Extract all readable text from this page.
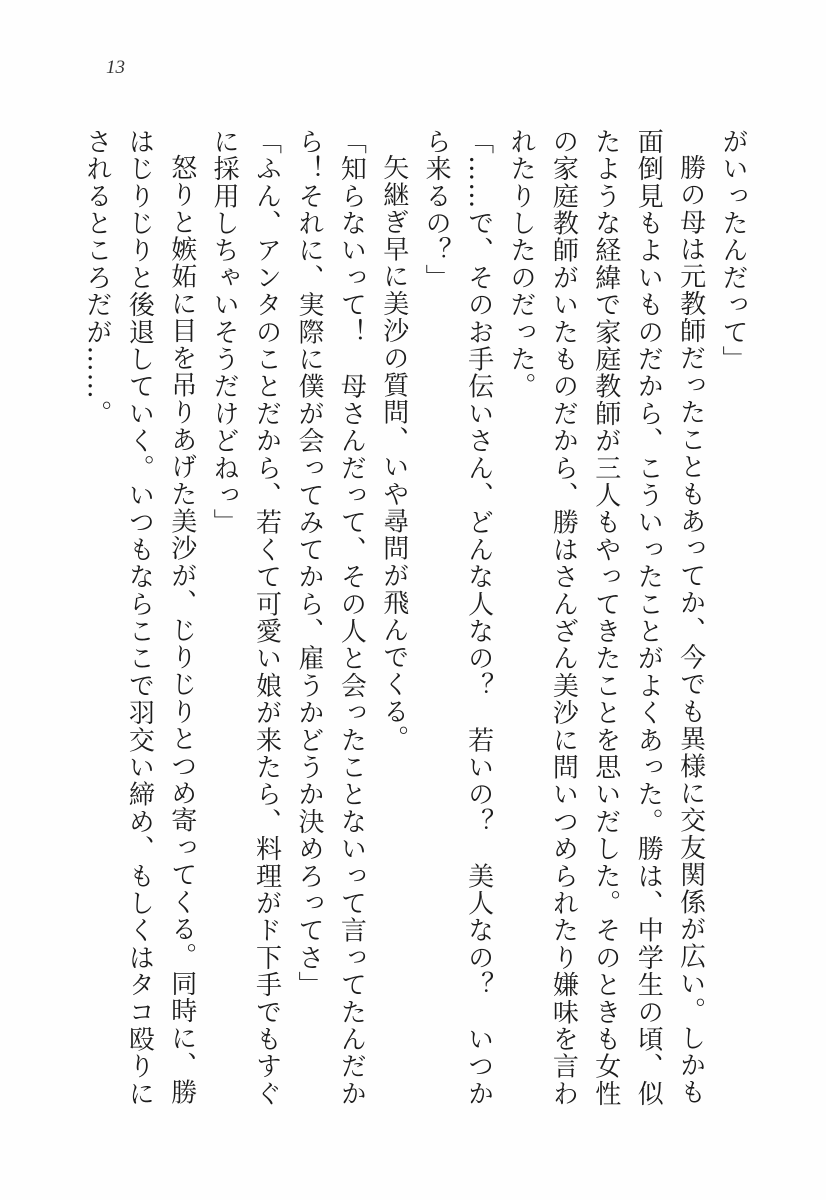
13

がいったんだって」

勝の母は元教師だったこともあってか、今でも異様に交友関係が広い。しかも面倒見もよいものだから、こういったことがよくあった。勝は、中学生の頃、似たような経緯で家庭教師が三人もやってきたことを思いだした。そのときも女性の家庭教師がいたものだから、勝はさんざん美沙に問いつめられたり嫌味を言われたりしたのだった。

「……で、そのお手伝いさん、どんな人なの？　若いの？　美人なの？　いつから来るの？」

矢継ぎ早に美沙の質問、いや尋問が飛んでくる。

「知らないって！　母さんだって、その人と会ったことないって言ってたんだから！それに、実際に僕が会ってみてから、雇うかどうか決めろってさ」

「ふん、アンタのことだから、若くて可愛い娘が来たら、料理がド下手でもすぐに採用しちゃいそうだけどねっ」

怒りと嫉妬に目を吊りあげた美沙が、じりじりとつめ寄ってくる。同時に、勝はじりじりと後退していく。いつもならここで羽交い締め、もしくはタコ殴りにされるところだが……。
